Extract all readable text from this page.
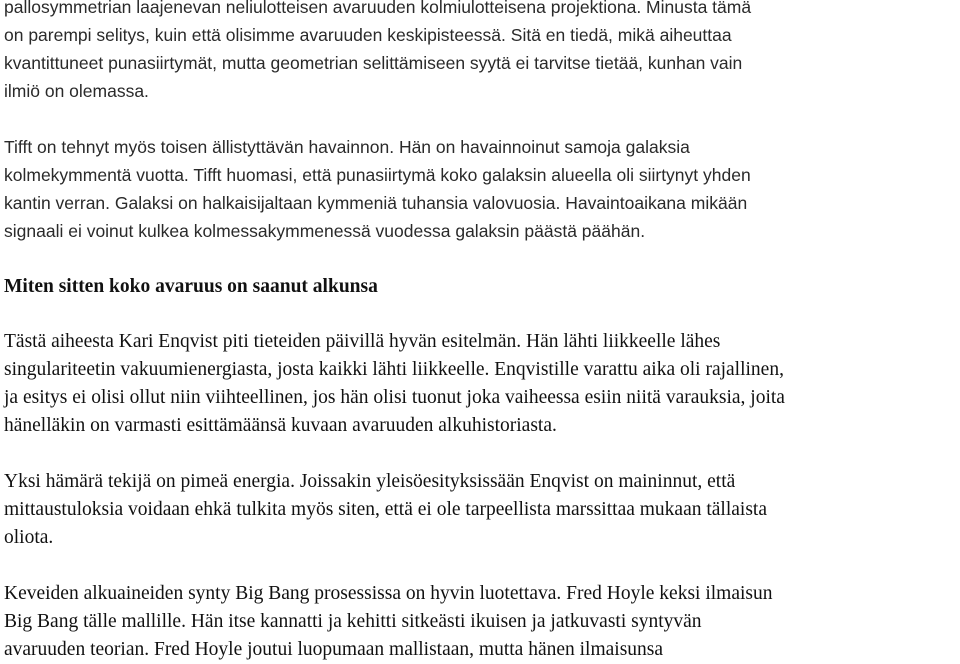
pallosymmetrian laajenevan neliulotteisen avaruuden kolmiulotteisena projektiona. Minusta tämä
on parempi selitys, kuin että olisimme avaruuden keskipisteessä. Sitä en tiedä, mikä aiheuttaa
kvantittuneet punasiirtymät, mutta geometrian selittämiseen syytä ei tarvitse tietää, kunhan vain
ilmiö on olemassa.

Tifft on tehnyt myös toisen ällistyttävän havainnon. Hän on havainnoinut samoja galaksia
kolmekymmentä vuotta. Tifft huomasi, että punasiirtymä koko galaksin alueella oli siirtynyt yhden
kantin verran. Galaksi on halkaisijaltaan kymmeniä tuhansia valovuosia. Havaintoaikana mikään
signaali ei voinut kulkea kolmessakymmenessä vuodessa galaksin päästä päähän.

Miten sitten koko avaruus on saanut alkunsa

Tästä aiheesta Kari Enqvist piti tieteiden päivillä hyvän esitelmän. Hän lähti liikkeelle lähes
singulariteetin vakuumienergiasta, josta kaikki lähti liikkeelle. Enqvistille varattu aika oli rajallinen,
ja esitys ei olisi ollut niin viihteellinen, jos hän olisi tuonut joka vaiheessa esiin niitä varauksia, joita
hänelläkin on varmasti esittämäänsä kuvaan avaruuden alkuhistoriasta.

Yksi hämärä tekijä on pimeä energia. Joissakin yleisöesityksissään Enqvist on maininnut, että
mittaustuloksia voidaan ehkä tulkita myös siten, että ei ole tarpeellista marssittaa mukaan tällaista
oliota.

Keveiden alkuaineiden synty Big Bang prosessissa on hyvin luotettava. Fred Hoyle keksi ilmaisun
Big Bang tälle mallille. Hän itse kannatti ja kehitti sitkeästi ikuisen ja jatkuvasti syntyvän
avaruuden teorian. Fred Hoyle joutui luopumaan mallistaan, mutta hänen ilmaisunsa
